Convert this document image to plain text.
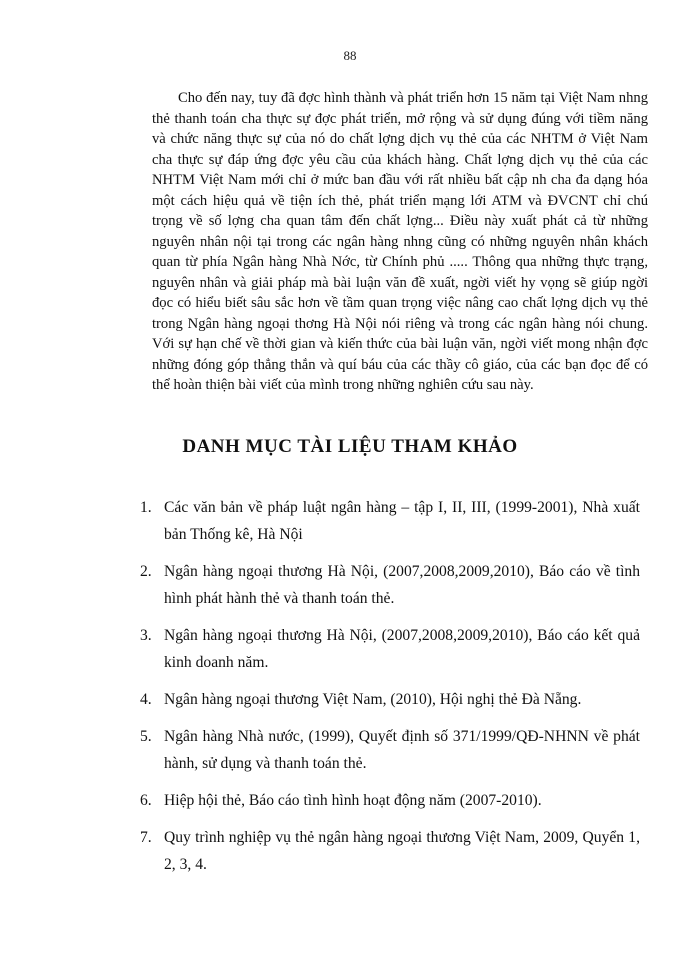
88

Cho đến nay, tuy đã đợc hình thành và phát triển hơn 15 năm tại Việt Nam nhng thẻ thanh toán cha thực sự đợc phát triển, mở rộng và sử dụng đúng với tiềm năng và chức năng thực sự của nó do chất lợng dịch vụ thẻ của các NHTM ở Việt Nam cha thực sự đáp ứng đợc yêu cầu của khách hàng. Chất lợng dịch vụ thẻ của các NHTM Việt Nam mới chỉ ở mức ban đầu với rất nhiều bất cập nh cha đa dạng hóa một cách hiệu quả về tiện ích thẻ, phát triển mạng lới ATM và ĐVCNT chỉ chú trọng về số lợng cha quan tâm đến chất lợng... Điều này xuất phát cả từ những nguyên nhân nội tại trong các ngân hàng nhng cũng có những nguyên nhân khách quan từ phía Ngân hàng Nhà Nớc, từ Chính phủ ..... Thông qua những thực trạng, nguyên nhân và giải pháp mà bài luận văn đề xuất, ngời viết hy vọng sẽ giúp ngời đọc có hiểu biết sâu sắc hơn về tầm quan trọng việc nâng cao chất lợng dịch vụ thẻ trong Ngân hàng ngoại thơng Hà Nội nói riêng và trong các ngân hàng nói chung. Với sự hạn chế về thời gian và kiến thức của bài luận văn, ngời viết mong nhận đợc những đóng góp thẳng thắn và quí báu của các thầy cô giáo, của các bạn đọc để có thể hoàn thiện bài viết của mình trong những nghiên cứu sau này.

DANH MỤC TÀI LIỆU THAM KHẢO
1. Các văn bản về pháp luật ngân hàng – tập I, II, III, (1999-2001), Nhà xuất bản Thống kê, Hà Nội
2. Ngân hàng ngoại thương Hà Nội, (2007,2008,2009,2010), Báo cáo về tình hình phát hành thẻ và thanh toán thẻ.
3. Ngân hàng ngoại thương Hà Nội, (2007,2008,2009,2010), Báo cáo kết quả kinh doanh năm.
4. Ngân hàng ngoại thương Việt Nam, (2010), Hội nghị thẻ Đà Nẵng.
5. Ngân hàng Nhà nước, (1999), Quyết định số 371/1999/QĐ-NHNN về phát hành, sử dụng và thanh toán thẻ.
6. Hiệp hội thẻ, Báo cáo tình hình hoạt động năm (2007-2010).
7. Quy trình nghiệp vụ thẻ ngân hàng ngoại thương Việt Nam, 2009, Quyển 1, 2, 3, 4.
